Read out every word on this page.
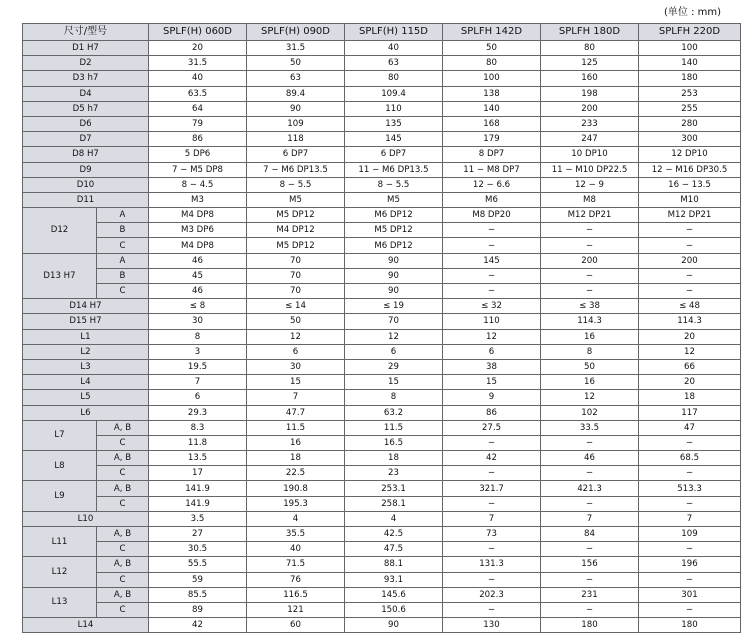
(单位 : mm)
尺寸/型号		SPLF(H) 060D	SPLF(H) 090D	SPLF(H) 115D	SPLFH 142D	SPLFH 180D	SPLFH 220D
D1 H7		20	31.5	40	50	80	100
D2		31.5	50	63	80	125	140
D3 h7		40	63	80	100	160	180
D4		63.5	89.4	109.4	138	198	253
D5 h7		64	90	110	140	200	255
D6		79	109	135	168	233	280
D7		86	118	145	179	247	300
D8 H7		5 DP6	6 DP7	6 DP7	8 DP7	10 DP10	12 DP10
D9		7 − M5 DP8	7 − M6 DP13.5	11 − M6 DP13.5	11 − M8 DP7	11 − M10 DP22.5	12 − M16 DP30.5
D10		8 − 4.5	8 − 5.5	8 − 5.5	12 − 6.6	12 − 9	16 − 13.5
D11		M3	M5	M5	M6	M8	M10
D12	A	M4 DP8	M5 DP12	M6 DP12	M8 DP20	M12 DP21	M12 DP21
	B	M3 DP6	M4 DP12	M5 DP12	−	−	−
	C	M4 DP8	M5 DP12	M6 DP12	−	−	−
D13 H7	A	46	70	90	145	200	200
	B	45	70	90	−	−	−
	C	46	70	90	−	−	−
D14 H7		≤ 8	≤ 14	≤ 19	≤ 32	≤ 38	≤ 48
D15 H7		30	50	70	110	114.3	114.3
L1		8	12	12	12	16	20
L2		3	6	6	6	8	12
L3		19.5	30	29	38	50	66
L4		7	15	15	15	16	20
L5		6	7	8	9	12	18
L6		29.3	47.7	63.2	86	102	117
L7	A, B	8.3	11.5	11.5	27.5	33.5	47
	C	11.8	16	16.5	−	−	−
L8	A, B	13.5	18	18	42	46	68.5
	C	17	22.5	23	−	−	−
L9	A, B	141.9	190.8	253.1	321.7	421.3	513.3
	C	141.9	195.3	258.1	−	−	−
L10		3.5	4	4	7	7	7
L11	A, B	27	35.5	42.5	73	84	109
	C	30.5	40	47.5	−	−	−
L12	A, B	55.5	71.5	88.1	131.3	156	196
	C	59	76	93.1	−	−	−
L13	A, B	85.5	116.5	145.6	202.3	231	301
	C	89	121	150.6	−	−	−
L14		42	60	90	130	180	180
